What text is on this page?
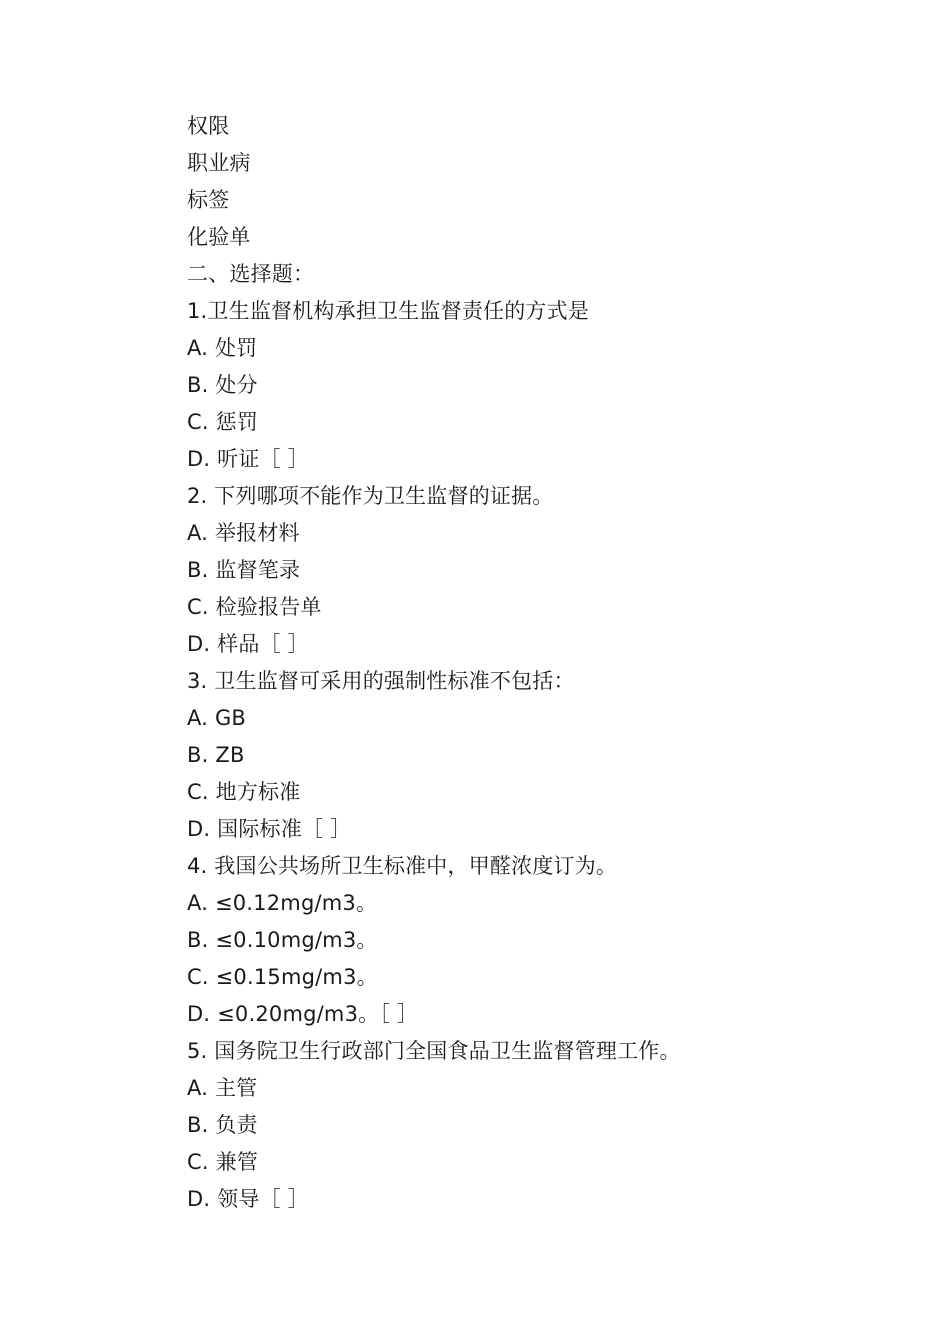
权限
职业病
标签
化验单
二、选择题：
1.卫生监督机构承担卫生监督责任的方式是
A. 处罚
B. 处分
C. 惩罚
D. 听证［ ］
2. 下列哪项不能作为卫生监督的证据。
A. 举报材料
B. 监督笔录
C. 检验报告单
D. 样品［ ］
3. 卫生监督可采用的强制性标准不包括：
A. GB
B. ZB
C. 地方标准
D. 国际标准［ ］
4. 我国公共场所卫生标准中，甲醛浓度订为。
A. ≤0.12mg/m3。
B. ≤0.10mg/m3。
C. ≤0.15mg/m3。
D. ≤0.20mg/m3。［ ］
5. 国务院卫生行政部门全国食品卫生监督管理工作。
A. 主管
B. 负责
C. 兼管
D. 领导［ ］
